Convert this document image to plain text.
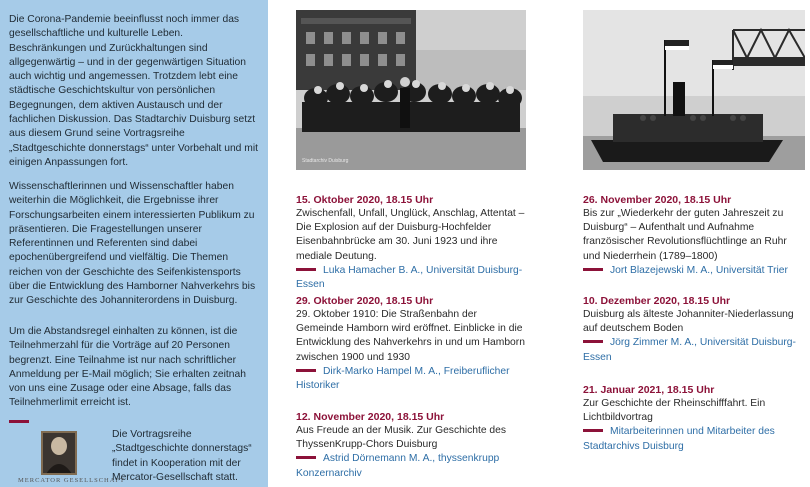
Die Corona-Pandemie beeinflusst noch immer das gesellschaftliche und kulturelle Leben. Beschränkungen und Zurückhaltungen sind allgegenwärtig – und in der gegenwärtigen Situation auch wichtig und angemessen. Trotzdem lebt eine städtische Geschichtskultur von persönlichen Begegnungen, dem aktiven Austausch und der fachlichen Diskussion. Das Stadtarchiv Duisburg setzt aus diesem Grund seine Vortragsreihe „Stadtgeschichte donnerstags“ unter Vorbehalt und mit einigen Anpassungen fort.

Wissenschaftlerinnen und Wissenschaftler haben weiterhin die Möglichkeit, die Ergebnisse ihrer Forschungsarbeiten einem interessierten Publikum zu präsentieren. Die Fragestellungen unserer Referentinnen und Referenten sind dabei epochenübergreifend und vielfältig. Die Themen reichen von der Geschichte des Seifenkistensports über die Entwicklung des Hamborner Nahverkehrs bis zur Geschichte des Johanniterordens in Duisburg.

Um die Abstandsregel einhalten zu können, ist die Teilnehmerzahl für die Vorträge auf 20 Personen begrenzt. Eine Teilnahme ist nur nach schriftlicher Anmeldung per E-Mail möglich; Sie erhalten zeitnah von uns eine Zusage oder eine Absage, falls das Teilnehmerlimit erreicht ist.

MERCATOR GESELLSCHAFT

Die Vortragsreihe „Stadtgeschichte donnerstags“ findet in Kooperation mit der Mercator-Gesellschaft statt.

Stadtarchiv Duisburg
15. Oktober 2020, 18.15 Uhr
Zwischenfall, Unfall, Unglück, Anschlag, Attentat – Die Explosion auf der Duisburg-Hochfelder Eisenbahnbrücke am 30. Juni 1923 und ihre mediale Deutung.
Luka Hamacher B. A., Universität Duisburg-Essen
29. Oktober 2020, 18.15 Uhr
29. Oktober 1910: Die Straßenbahn der Gemeinde Hamborn wird eröffnet. Einblicke in die Entwicklung des Nahverkehrs in und um Hamborn zwischen 1900 und 1930
Dirk-Marko Hampel M. A., Freiberuflicher Historiker
12. November 2020, 18.15 Uhr
Aus Freude an der Musik. Zur Geschichte des ThyssenKrupp-Chors Duisburg
Astrid Dörnemann M. A., thyssenkrupp Konzernarchiv
26. November 2020, 18.15 Uhr
Bis zur „Wiederkehr der guten Jahreszeit zu Duisburg“ – Aufenthalt und Aufnahme französischer Revolutionsflüchtlinge an Ruhr und Niederrhein (1789–1800)
Jort Blazejewski M. A., Universität Trier
10. Dezember 2020, 18.15 Uhr
Duisburg als älteste Johanniter-Niederlassung auf deutschem Boden
Jörg Zimmer M. A., Universität Duisburg-Essen
21. Januar 2021, 18.15 Uhr
Zur Geschichte der Rheinschifffahrt. Ein Lichtbildvortrag
Mitarbeiterinnen und Mitarbeiter des Stadtarchivs Duisburg
